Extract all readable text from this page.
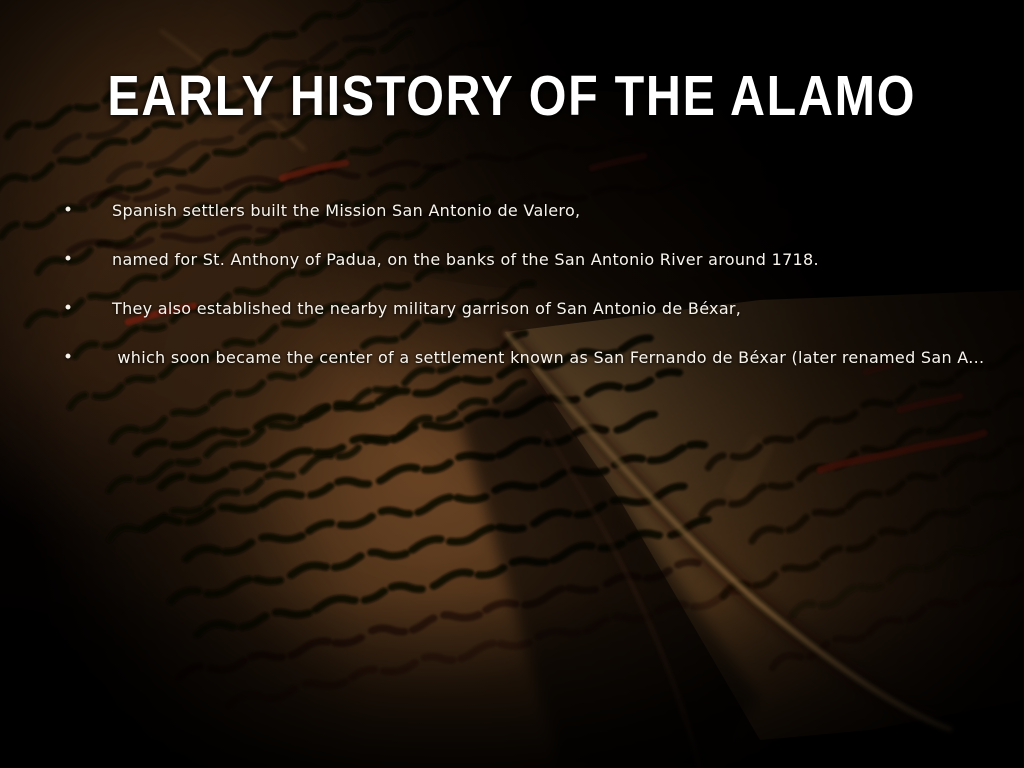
EARLY HISTORY OF THE ALAMO
• Spanish settlers built the Mission San Antonio de Valero,
• named for St. Anthony of Padua, on the banks of the San Antonio River around 1718.
• They also established the nearby military garrison of San Antonio de Béxar,
• which soon became the center of a settlement known as San Fernando de Béxar (later renamed San A...
